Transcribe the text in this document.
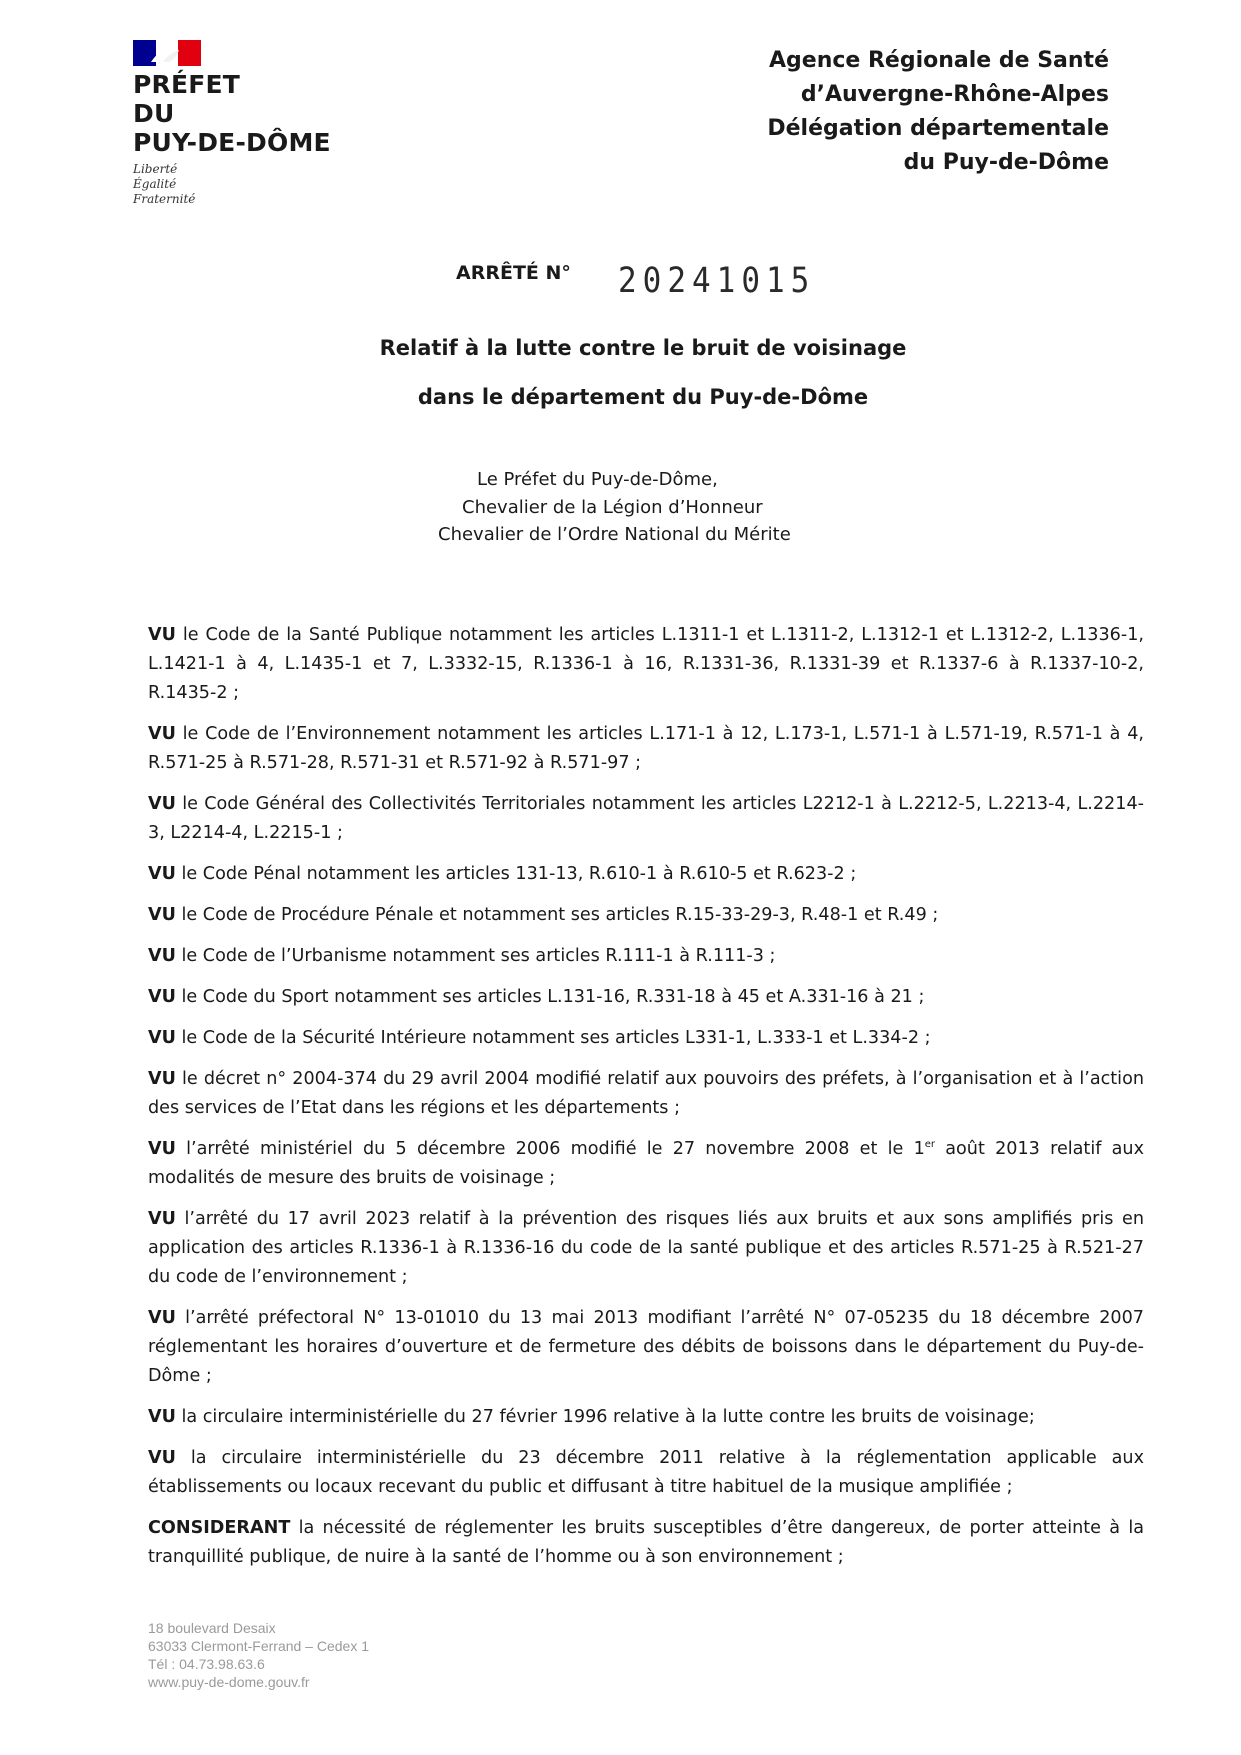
PRÉFET
DU
PUY-DE-DÔME
Liberté
Égalité
Fraternité
Agence Régionale de Santé
d’Auvergne-Rhône-Alpes
Délégation départementale
du Puy-de-Dôme
ARRÊTÉ N° 20241015
Relatif à la lutte contre le bruit de voisinage
dans le département du Puy-de-Dôme
Le Préfet du Puy-de-Dôme,
Chevalier de la Légion d’Honneur
Chevalier de l’Ordre National du Mérite

VU le Code de la Santé Publique notamment les articles L.1311-1 et L.1311-2, L.1312-1 et L.1312-2, L.1336-1, L.1421-1 à 4, L.1435-1 et 7, L.3332-15, R.1336-1 à 16, R.1331-36, R.1331-39 et R.1337-6 à R.1337-10-2, R.1435-2 ;

VU le Code de l’Environnement notamment les articles L.171-1 à 12, L.173-1, L.571-1 à L.571-19, R.571-1 à 4, R.571-25 à R.571-28, R.571-31 et R.571-92 à R.571-97 ;

VU le Code Général des Collectivités Territoriales notamment les articles L2212-1 à L.2212-5, L.2213-4, L.2214-3, L2214-4, L.2215-1 ;

VU le Code Pénal notamment les articles 131-13, R.610-1 à R.610-5 et R.623-2 ;

VU le Code de Procédure Pénale et notamment ses articles R.15-33-29-3, R.48-1 et R.49 ;

VU le Code de l’Urbanisme notamment ses articles R.111-1 à R.111-3 ;

VU le Code du Sport notamment ses articles L.131-16, R.331-18 à 45 et A.331-16 à 21 ;

VU le Code de la Sécurité Intérieure notamment ses articles L331-1, L.333-1 et L.334-2 ;

VU le décret n° 2004-374 du 29 avril 2004 modifié relatif aux pouvoirs des préfets, à l’organisation et à l’action des services de l’Etat dans les régions et les départements ;

VU l’arrêté ministériel du 5 décembre 2006 modifié le 27 novembre 2008 et le 1er août 2013 relatif aux modalités de mesure des bruits de voisinage ;

VU l’arrêté du 17 avril 2023 relatif à la prévention des risques liés aux bruits et aux sons amplifiés pris en application des articles R.1336-1 à R.1336-16 du code de la santé publique et des articles R.571-25 à R.521-27 du code de l’environnement ;

VU l’arrêté préfectoral N° 13-01010 du 13 mai 2013 modifiant l’arrêté N° 07-05235 du 18 décembre 2007 réglementant les horaires d’ouverture et de fermeture des débits de boissons dans le département du Puy-de-Dôme ;

VU la circulaire interministérielle du 27 février 1996 relative à la lutte contre les bruits de voisinage;

VU la circulaire interministérielle du 23 décembre 2011 relative à la réglementation applicable aux établissements ou locaux recevant du public et diffusant à titre habituel de la musique amplifiée ;

CONSIDERANT la nécessité de réglementer les bruits susceptibles d’être dangereux, de porter atteinte à la tranquillité publique, de nuire à la santé de l’homme ou à son environnement ;

18 boulevard Desaix
63033 Clermont-Ferrand – Cedex 1
Tél : 04.73.98.63.6
www.puy-de-dome.gouv.fr
